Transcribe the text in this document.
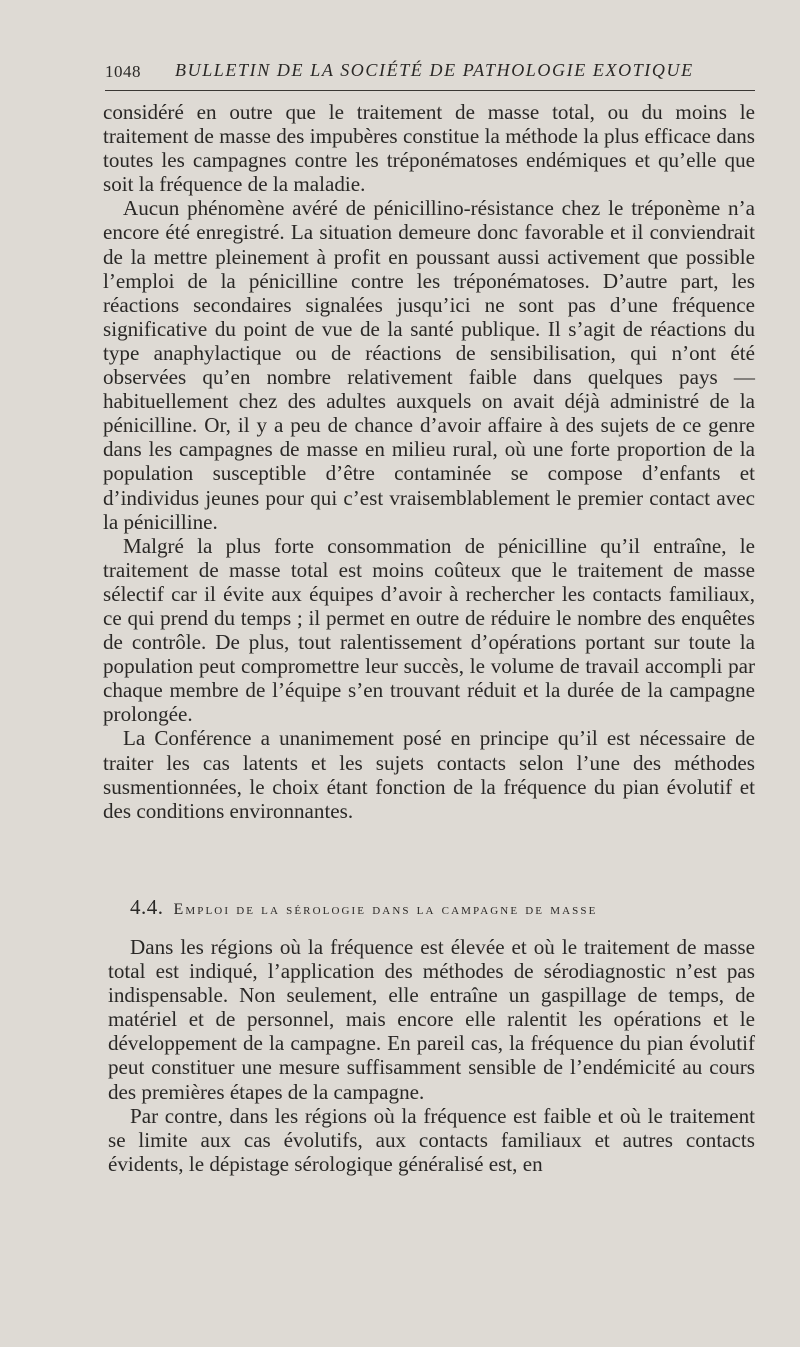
1048 BULLETIN DE LA SOCIÉTÉ DE PATHOLOGIE EXOTIQUE

considéré en outre que le traitement de masse total, ou du moins le traitement de masse des impubères constitue la méthode la plus efficace dans toutes les campagnes contre les tréponématoses endémiques et qu’elle que soit la fréquence de la maladie.

Aucun phénomène avéré de pénicillino-résistance chez le tréponème n’a encore été enregistré. La situation demeure donc favorable et il conviendrait de la mettre pleinement à profit en poussant aussi activement que possible l’emploi de la pénicilline contre les tréponématoses. D’autre part, les réactions secondaires signalées jusqu’ici ne sont pas d’une fréquence significative du point de vue de la santé publique. Il s’agit de réactions du type anaphylactique ou de réactions de sensibilisation, qui n’ont été observées qu’en nombre relativement faible dans quelques pays — habituellement chez des adultes auxquels on avait déjà administré de la pénicilline. Or, il y a peu de chance d’avoir affaire à des sujets de ce genre dans les campagnes de masse en milieu rural, où une forte proportion de la population susceptible d’être contaminée se compose d’enfants et d’individus jeunes pour qui c’est vraisemblablement le premier contact avec la pénicilline.

Malgré la plus forte consommation de pénicilline qu’il entraîne, le traitement de masse total est moins coûteux que le traitement de masse sélectif car il évite aux équipes d’avoir à rechercher les contacts familiaux, ce qui prend du temps ; il permet en outre de réduire le nombre des enquêtes de contrôle. De plus, tout ralentissement d’opérations portant sur toute la population peut compromettre leur succès, le volume de travail accompli par chaque membre de l’équipe s’en trouvant réduit et la durée de la campagne prolongée.

La Conférence a unanimement posé en principe qu’il est nécessaire de traiter les cas latents et les sujets contacts selon l’une des méthodes susmentionnées, le choix étant fonction de la fréquence du pian évolutif et des conditions environnantes.

4.4. Emploi de la sérologie dans la campagne de masse

Dans les régions où la fréquence est élevée et où le traitement de masse total est indiqué, l’application des méthodes de sérodiagnostic n’est pas indispensable. Non seulement, elle entraîne un gaspillage de temps, de matériel et de personnel, mais encore elle ralentit les opérations et le développement de la campagne. En pareil cas, la fréquence du pian évolutif peut constituer une mesure suffisamment sensible de l’endémicité au cours des premières étapes de la campagne.

Par contre, dans les régions où la fréquence est faible et où le traitement se limite aux cas évolutifs, aux contacts familiaux et autres contacts évidents, le dépistage sérologique généralisé est, en
